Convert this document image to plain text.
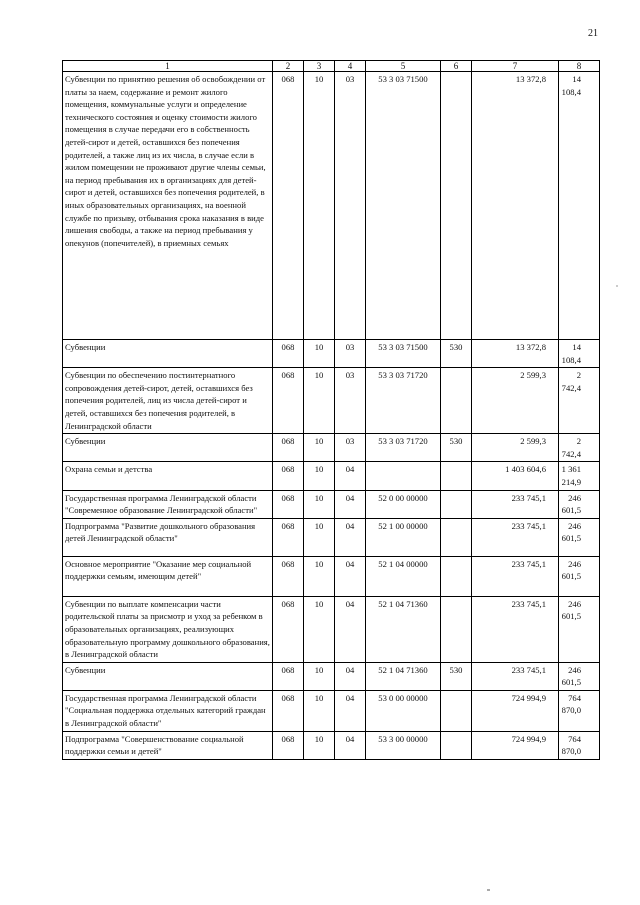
21
1	2	3	4	5	6	7	8
Субвенции по принятию решения об освобождении от платы за наем, содержание и ремонт жилого помещения, коммунальные услуги и определение технического состояния и оценку стоимости жилого помещения в случае передачи его в собственность детей-сирот и детей, оставшихся без попечения родителей, а также лиц из их числа, в случае если в жилом помещении не проживают другие члены семьи, на период пребывания их в организациях для детей-сирот и детей, оставшихся без попечения родителей, в иных образовательных организациях, на военной службе по призыву, отбывания срока наказания в виде лишения свободы, а также на период пребывания у опекунов (попечителей), в приемных семьях	068	10	03	53 3 03 71500		13 372,8	14 108,4
Субвенции	068	10	03	53 3 03 71500	530	13 372,8	14 108,4
Субвенции по обеспечению постинтернатного сопровождения детей-сирот, детей, оставшихся без попечения родителей, лиц из числа детей-сирот и детей, оставшихся без попечения родителей, в Ленинградской области	068	10	03	53 3 03 71720		2 599,3	2 742,4
Субвенции	068	10	03	53 3 03 71720	530	2 599,3	2 742,4
Охрана семьи и детства	068	10	04			1 403 604,6	1 361 214,9
Государственная программа Ленинградской области "Современное образование Ленинградской области"	068	10	04	52 0 00 00000		233 745,1	246 601,5
Подпрограмма "Развитие дошкольного образования детей Ленинградской области"	068	10	04	52 1 00 00000		233 745,1	246 601,5
Основное мероприятие "Оказание мер социальной поддержки семьям, имеющим детей"	068	10	04	52 1 04 00000		233 745,1	246 601,5
Субвенции по выплате компенсации части родительской платы за присмотр и уход за ребенком в образовательных организациях, реализующих образовательную программу дошкольного образования, в Ленинградской области	068	10	04	52 1 04 71360		233 745,1	246 601,5
Субвенции	068	10	04	52 1 04 71360	530	233 745,1	246 601,5
Государственная программа Ленинградской области "Социальная поддержка отдельных категорий граждан в Ленинградской области"	068	10	04	53 0 00 00000		724 994,9	764 870,0
Подпрограмма "Совершенствование социальной поддержки семьи и детей"	068	10	04	53 3 00 00000		724 994,9	764 870,0
